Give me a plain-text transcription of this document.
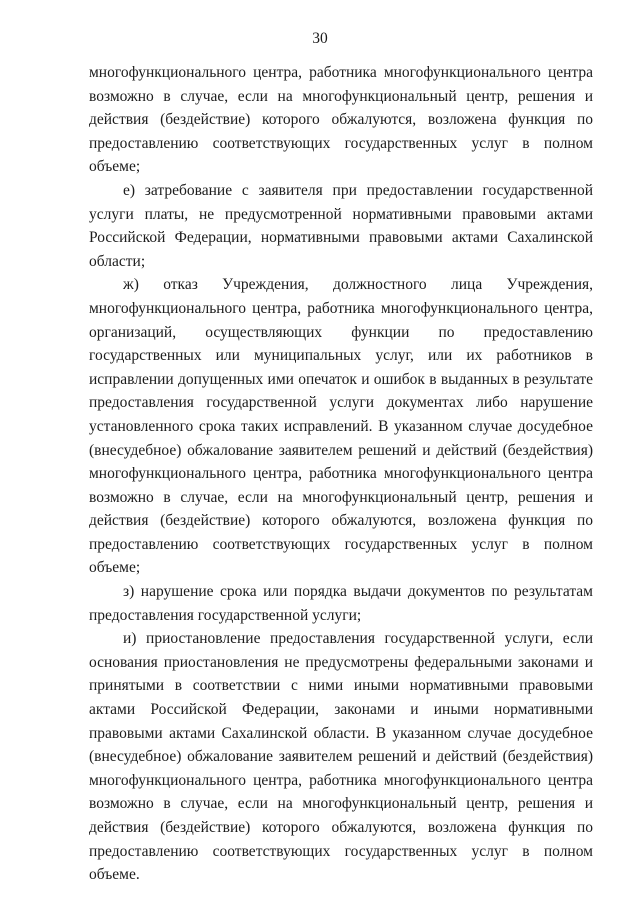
30

многофункционального центра, работника многофункционального центра возможно в случае, если на многофункциональный центр, решения и действия (бездействие) которого обжалуются, возложена функция по предоставлению соответствующих государственных услуг в полном объеме;

е) затребование с заявителя при предоставлении государственной услуги платы, не предусмотренной нормативными правовыми актами Российской Федерации, нормативными правовыми актами Сахалинской области;

ж) отказ Учреждения, должностного лица Учреждения, многофункционального центра, работника многофункционального центра, организаций, осуществляющих функции по предоставлению государственных или муниципальных услуг, или их работников в исправлении допущенных ими опечаток и ошибок в выданных в результате предоставления государственной услуги документах либо нарушение установленного срока таких исправлений. В указанном случае досудебное (внесудебное) обжалование заявителем решений и действий (бездействия) многофункционального центра, работника многофункционального центра возможно в случае, если на многофункциональный центр, решения и действия (бездействие) которого обжалуются, возложена функция по предоставлению соответствующих государственных услуг в полном объеме;

з) нарушение срока или порядка выдачи документов по результатам предоставления государственной услуги;

и) приостановление предоставления государственной услуги, если основания приостановления не предусмотрены федеральными законами и принятыми в соответствии с ними иными нормативными правовыми актами Российской Федерации, законами и иными нормативными правовыми актами Сахалинской области. В указанном случае досудебное (внесудебное) обжалование заявителем решений и действий (бездействия) многофункционального центра, работника многофункционального центра возможно в случае, если на многофункциональный центр, решения и действия (бездействие) которого обжалуются, возложена функция по предоставлению соответствующих государственных услуг в полном объеме.
